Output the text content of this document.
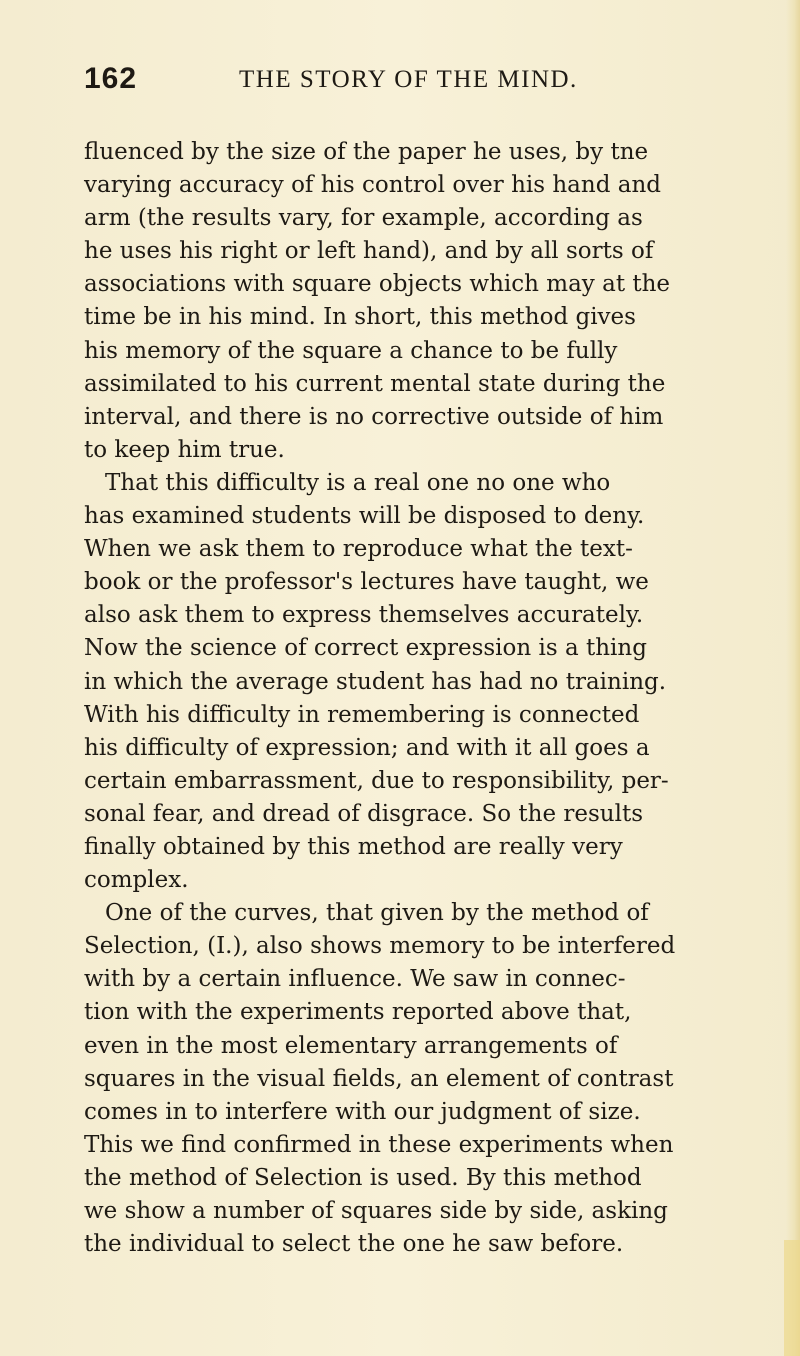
162	THE STORY OF THE MIND.
fluenced by the size of the paper he uses, by tne
varying accuracy of his control over his hand and
arm (the results vary, for example, according as
he uses his right or left hand), and by all sorts of
associations with square objects which may at the
time be in his mind. In short, this method gives
his memory of the square a chance to be fully
assimilated to his current mental state during the
interval, and there is no corrective outside of him
to keep him true.
That this difficulty is a real one no one who
has examined students will be disposed to deny.
When we ask them to reproduce what the text-
book or the professor's lectures have taught, we
also ask them to express themselves accurately.
Now the science of correct expression is a thing
in which the average student has had no training.
With his difficulty in remembering is connected
his difficulty of expression; and with it all goes a
certain embarrassment, due to responsibility, per-
sonal fear, and dread of disgrace. So the results
finally obtained by this method are really very
complex.
One of the curves, that given by the method of
Selection, (I.), also shows memory to be interfered
with by a certain influence. We saw in connec-
tion with the experiments reported above that,
even in the most elementary arrangements of
squares in the visual fields, an element of contrast
comes in to interfere with our judgment of size.
This we find confirmed in these experiments when
the method of Selection is used. By this method
we show a number of squares side by side, asking
the individual to select the one he saw before.
